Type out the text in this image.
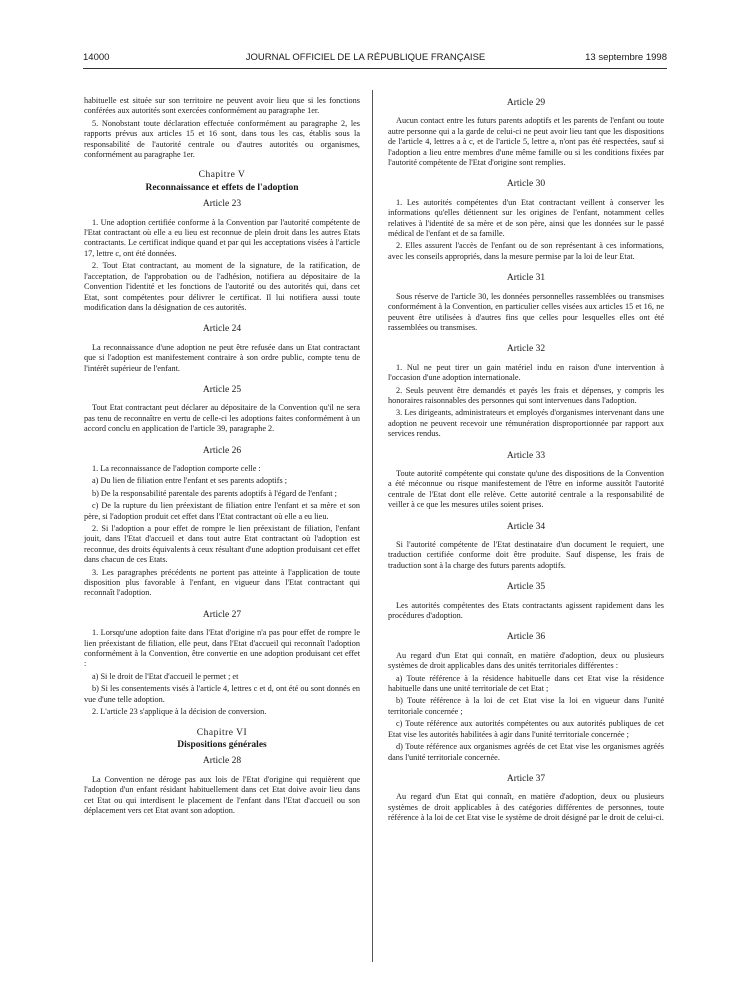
14000	JOURNAL OFFICIEL DE LA RÉPUBLIQUE FRANÇAISE	13 septembre 1998

habituelle est située sur son territoire ne peuvent avoir lieu que si les fonctions conférées aux autorités sont exercées conformément au paragraphe 1er.

5. Nonobstant toute déclaration effectuée conformément au paragraphe 2, les rapports prévus aux articles 15 et 16 sont, dans tous les cas, établis sous la responsabilité de l'autorité centrale ou d'autres autorités ou organismes, conformément au paragraphe 1er.

Chapitre V
Reconnaissance et effets de l'adoption
Article 23

1. Une adoption certifiée conforme à la Convention par l'autorité compétente de l'Etat contractant où elle a eu lieu est reconnue de plein droit dans les autres Etats contractants. Le certificat indique quand et par qui les acceptations visées à l'article 17, lettre c, ont été données.

2. Tout Etat contractant, au moment de la signature, de la ratification, de l'acceptation, de l'approbation ou de l'adhésion, notifiera au dépositaire de la Convention l'identité et les fonctions de l'autorité ou des autorités qui, dans cet Etat, sont compétentes pour délivrer le certificat. Il lui notifiera aussi toute modification dans la désignation de ces autorités.

Article 24

La reconnaissance d'une adoption ne peut être refusée dans un Etat contractant que si l'adoption est manifestement contraire à son ordre public, compte tenu de l'intérêt supérieur de l'enfant.

Article 25

Tout Etat contractant peut déclarer au dépositaire de la Convention qu'il ne sera pas tenu de reconnaître en vertu de celle-ci les adoptions faites conformément à un accord conclu en application de l'article 39, paragraphe 2.

Article 26

1. La reconnaissance de l'adoption comporte celle :

a) Du lien de filiation entre l'enfant et ses parents adoptifs ;

b) De la responsabilité parentale des parents adoptifs à l'égard de l'enfant ;

c) De la rupture du lien préexistant de filiation entre l'enfant et sa mère et son père, si l'adoption produit cet effet dans l'Etat contractant où elle a eu lieu.

2. Si l'adoption a pour effet de rompre le lien préexistant de filiation, l'enfant jouit, dans l'Etat d'accueil et dans tout autre Etat contractant où l'adoption est reconnue, des droits équivalents à ceux résultant d'une adoption produisant cet effet dans chacun de ces Etats.

3. Les paragraphes précédents ne portent pas atteinte à l'application de toute disposition plus favorable à l'enfant, en vigueur dans l'Etat contractant qui reconnaît l'adoption.

Article 27

1. Lorsqu'une adoption faite dans l'Etat d'origine n'a pas pour effet de rompre le lien préexistant de filiation, elle peut, dans l'Etat d'accueil qui reconnaît l'adoption conformément à la Convention, être convertie en une adoption produisant cet effet :

a) Si le droit de l'Etat d'accueil le permet ; et

b) Si les consentements visés à l'article 4, lettres c et d, ont été ou sont donnés en vue d'une telle adoption.

2. L'article 23 s'applique à la décision de conversion.

Chapitre VI
Dispositions générales
Article 28

La Convention ne déroge pas aux lois de l'Etat d'origine qui requièrent que l'adoption d'un enfant résidant habituellement dans cet Etat doive avoir lieu dans cet Etat ou qui interdisent le placement de l'enfant dans l'Etat d'accueil ou son déplacement vers cet Etat avant son adoption.

Article 29

Aucun contact entre les futurs parents adoptifs et les parents de l'enfant ou toute autre personne qui a la garde de celui-ci ne peut avoir lieu tant que les dispositions de l'article 4, lettres a à c, et de l'article 5, lettre a, n'ont pas été respectées, sauf si l'adoption a lieu entre membres d'une même famille ou si les conditions fixées par l'autorité compétente de l'Etat d'origine sont remplies.

Article 30

1. Les autorités compétentes d'un Etat contractant veillent à conserver les informations qu'elles détiennent sur les origines de l'enfant, notamment celles relatives à l'identité de sa mère et de son père, ainsi que les données sur le passé médical de l'enfant et de sa famille.

2. Elles assurent l'accès de l'enfant ou de son représentant à ces informations, avec les conseils appropriés, dans la mesure permise par la loi de leur Etat.

Article 31

Sous réserve de l'article 30, les données personnelles rassemblées ou transmises conformément à la Convention, en particulier celles visées aux articles 15 et 16, ne peuvent être utilisées à d'autres fins que celles pour lesquelles elles ont été rassemblées ou transmises.

Article 32

1. Nul ne peut tirer un gain matériel indu en raison d'une intervention à l'occasion d'une adoption internationale.

2. Seuls peuvent être demandés et payés les frais et dépenses, y compris les honoraires raisonnables des personnes qui sont intervenues dans l'adoption.

3. Les dirigeants, administrateurs et employés d'organismes intervenant dans une adoption ne peuvent recevoir une rémunération disproportionnée par rapport aux services rendus.

Article 33

Toute autorité compétente qui constate qu'une des dispositions de la Convention a été méconnue ou risque manifestement de l'être en informe aussitôt l'autorité centrale de l'Etat dont elle relève. Cette autorité centrale a la responsabilité de veiller à ce que les mesures utiles soient prises.

Article 34

Si l'autorité compétente de l'Etat destinataire d'un document le requiert, une traduction certifiée conforme doit être produite. Sauf dispense, les frais de traduction sont à la charge des futurs parents adoptifs.

Article 35

Les autorités compétentes des Etats contractants agissent rapidement dans les procédures d'adoption.

Article 36

Au regard d'un Etat qui connaît, en matière d'adoption, deux ou plusieurs systèmes de droit applicables dans des unités territoriales différentes :

a) Toute référence à la résidence habituelle dans cet Etat vise la résidence habituelle dans une unité territoriale de cet Etat ;

b) Toute référence à la loi de cet Etat vise la loi en vigueur dans l'unité territoriale concernée ;

c) Toute référence aux autorités compétentes ou aux autorités publiques de cet Etat vise les autorités habilitées à agir dans l'unité territoriale concernée ;

d) Toute référence aux organismes agréés de cet Etat vise les organismes agréés dans l'unité territoriale concernée.

Article 37

Au regard d'un Etat qui connaît, en matière d'adoption, deux ou plusieurs systèmes de droit applicables à des catégories différentes de personnes, toute référence à la loi de cet Etat vise le système de droit désigné par le droit de celui-ci.
